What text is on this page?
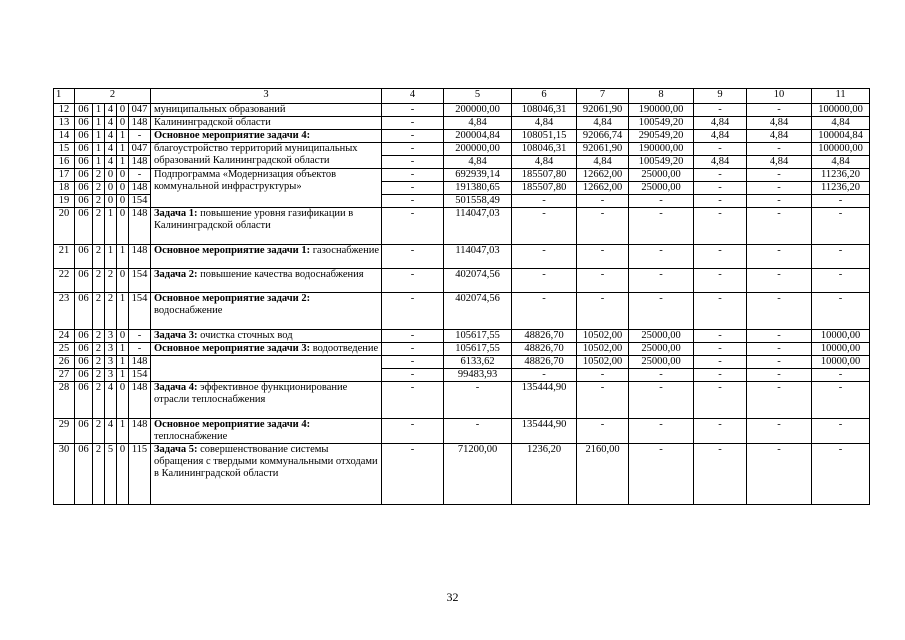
1	2					3	4	5	6	7	8	9	10	11
12	06	1	4	0	047	муниципальных образований	-	200000,00	108046,31	92061,90	190000,00	-	-	100000,00
13	06	1	4	0	148	Калининградской области	-	4,84	4,84	4,84	100549,20	4,84	4,84	4,84
14	06	1	4	1	-	Основное мероприятие задачи 4:	-	200004,84	108051,15	92066,74	290549,20	4,84	4,84	100004,84
15	06	1	4	1	047	благоустройство территорий муниципальных образований Калининградской области	-	200000,00	108046,31	92061,90	190000,00	-	-	100000,00
16	06	1	4	1	148		-	4,84	4,84	4,84	100549,20	4,84	4,84	4,84
17	06	2	0	0	-	Подпрограмма «Модернизация объектов коммунальной инфраструктуры»	-	692939,14	185507,80	12662,00	25000,00	-	-	11236,20
18	06	2	0	0	148		-	191380,65	185507,80	12662,00	25000,00	-	-	11236,20
19	06	2	0	0	154		-	501558,49	-	-	-	-	-	-
20	06	2	1	0	148	Задача 1: повышение уровня газификации в Калининградской области	-	114047,03	-	-	-	-	-	-
21	06	2	1	1	148	Основное мероприятие задачи 1: газоснабжение	-	114047,03	-	-	-	-	-	-
22	06	2	2	0	154	Задача 2: повышение качества водоснабжения	-	402074,56	-	-	-	-	-	-
23	06	2	2	1	154	Основное мероприятие задачи 2: водоснабжение	-	402074,56	-	-	-	-	-	-
24	06	2	3	0	-	Задача 3: очистка сточных вод	-	105617,55	48826,70	10502,00	25000,00	-	-	10000,00
25	06	2	3	1	-	Основное мероприятие задачи 3: водоотведение	-	105617,55	48826,70	10502,00	25000,00	-	-	10000,00
26	06	2	3	1	148		-	6133,62	48826,70	10502,00	25000,00	-	-	10000,00
27	06	2	3	1	154		-	99483,93	-	-	-	-	-	-
28	06	2	4	0	148	Задача 4: эффективное функционирование отрасли теплоснабжения	-	-	135444,90	-	-	-	-	-
29	06	2	4	1	148	Основное мероприятие задачи 4: теплоснабжение	-	-	135444,90	-	-	-	-	-
30	06	2	5	0	115	Задача 5: совершенствование системы обращения с твердыми коммунальными отходами в Калининградской области	-	71200,00	1236,20	2160,00	-	-	-	-
32
